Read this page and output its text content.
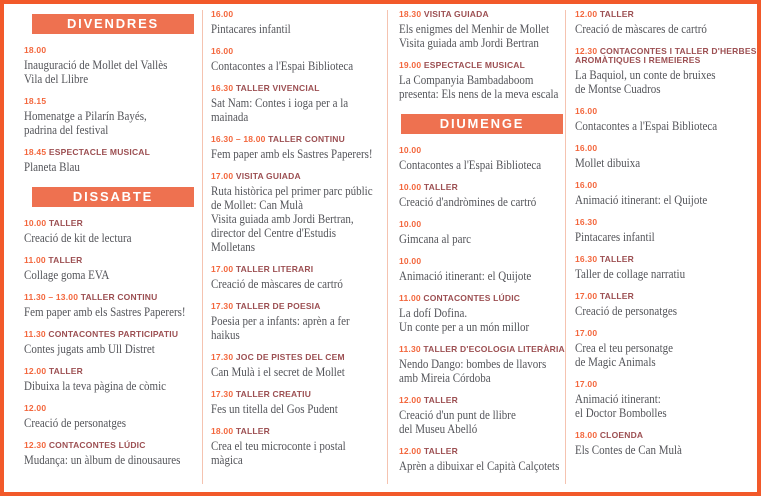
DIVENDRES
18.00
Inauguració de Mollet del Vallès
Vila del Llibre
18.15
Homenatge a Pilarín Bayés,
padrina del festival
18.45 ESPECTACLE MUSICAL
Planeta Blau
DISSABTE
10.00 TALLER
Creació de kit de lectura
11.00 TALLER
Collage goma EVA
11.30 – 13.00 TALLER CONTINU
Fem paper amb els Sastres Paperers!
11.30 CONTACONTES PARTICIPATIU
Contes jugats amb Ull Distret
12.00 TALLER
Dibuixa la teva pàgina de còmic
12.00
Creació de personatges
12.30 CONTACONTES LÚDIC
Mudança: un àlbum de dinousaures
16.00
Pintacares infantil
16.00
Contacontes a l'Espai Biblioteca
16.30 TALLER VIVENCIAL
Sat Nam: Contes i ioga per a la
mainada
16.30 – 18.00 TALLER CONTINU
Fem paper amb els Sastres Paperers!
17.00 VISITA GUIADA
Ruta històrica pel primer parc públic
de Mollet: Can Mulà
Visita guiada amb Jordi Bertran,
director del Centre d'Estudis
Molletans
17.00 TALLER LITERARI
Creació de màscares de cartró
17.30 TALLER DE POESIA
Poesia per a infants: aprèn a fer
haikus
17.30 JOC DE PISTES DEL CEM
Can Mulà i el secret de Mollet
17.30 TALLER CREATIU
Fes un titella del Gos Pudent
18.00 TALLER
Crea el teu microconte i postal
màgica
18.30 VISITA GUIADA
Els enigmes del Menhir de Mollet
Visita guiada amb Jordi Bertran
19.00 ESPECTACLE MUSICAL
La Companyia Bambadaboom
presenta: Els nens de la meva escala
DIUMENGE
10.00
Contacontes a l'Espai Biblioteca
10.00 TALLER
Creació d'andròmines de cartró
10.00
Gimcana al parc
10.00
Animació itinerant: el Quijote
11.00 CONTACONTES LÚDIC
La dofí Dofina.
Un conte per a un món millor
11.30 TALLER D'ECOLOGIA LITERÀRIA
Nendo Dango: bombes de llavors
amb Mireia Córdoba
12.00 TALLER
Creació d'un punt de llibre
del Museu Abelló
12.00 TALLER
Aprèn a dibuixar el Capità Calçotets
12.00 TALLER
Creació de màscares de cartró
12.30 CONTACONTES I TALLER D'HERBES AROMÀTIQUES I REMEIERES
La Baquiol, un conte de bruixes
de Montse Cuadros
16.00
Contacontes a l'Espai Biblioteca
16.00
Mollet dibuixa
16.00
Animació itinerant: el Quijote
16.30
Pintacares infantil
16.30 TALLER
Taller de collage narratiu
17.00 TALLER
Creació de personatges
17.00
Crea el teu personatge
de Magic Animals
17.00
Animació itinerant:
el Doctor Bombolles
18.00 CLOENDA
Els Contes de Can Mulà
